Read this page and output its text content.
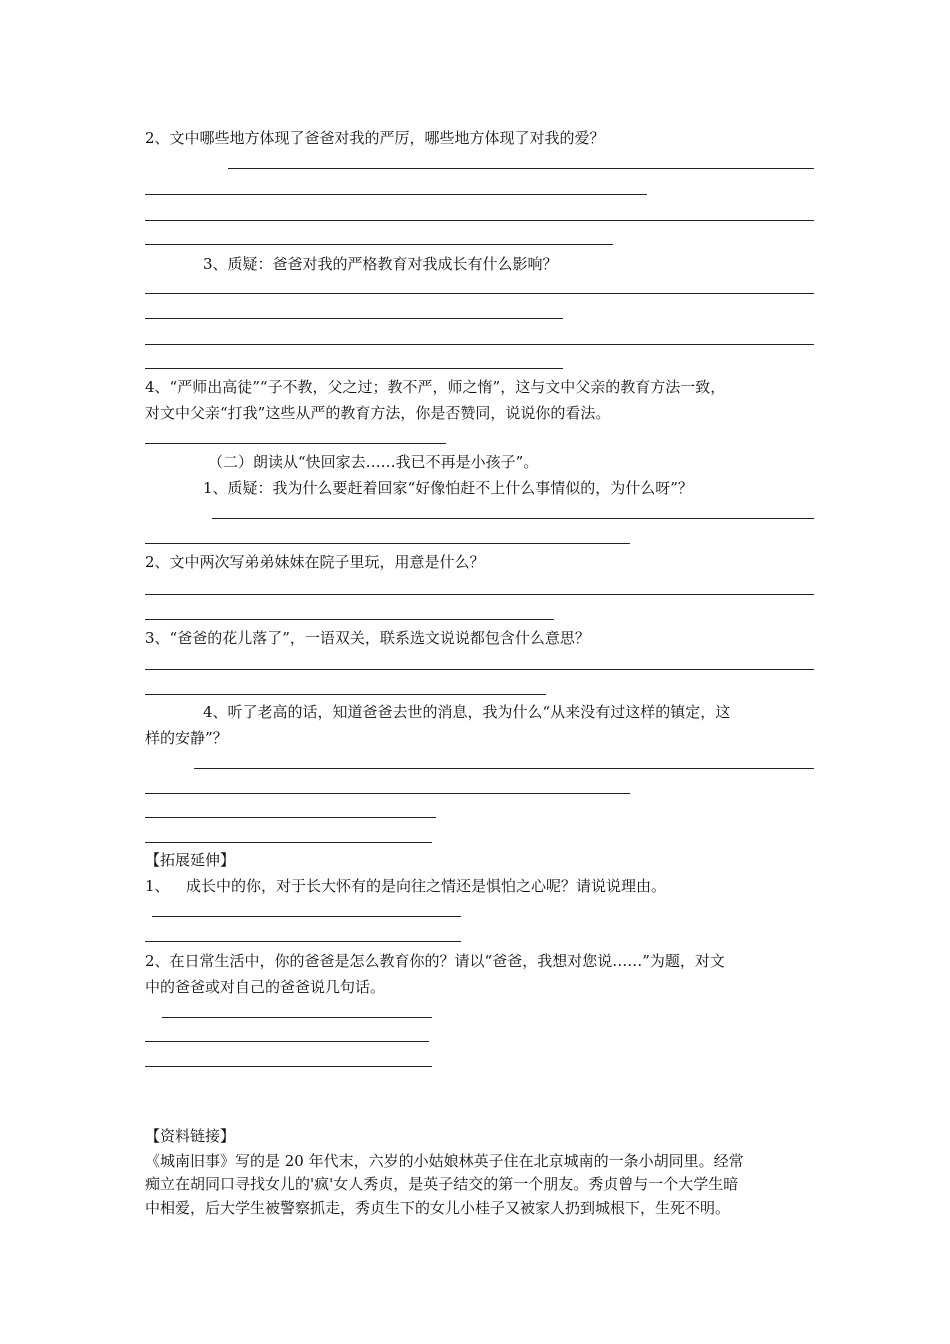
2、文中哪些地方体现了爸爸对我的严厉，哪些地方体现了对我的爱？
3、质疑：爸爸对我的严格教育对我成长有什么影响？
4、“严师出高徒”“子不教，父之过；教不严，师之惰”，这与文中父亲的教育方法一致，
对文中父亲“打我”这些从严的教育方法，你是否赞同，说说你的看法。
（二）朗读从“快回家去……我已不再是小孩子”。
1、质疑：我为什么要赶着回家“好像怕赶不上什么事情似的，为什么呀”？
2、文中两次写弟弟妹妹在院子里玩，用意是什么？
3、“爸爸的花儿落了”，一语双关，联系选文说说都包含什么意思？
4、听了老高的话，知道爸爸去世的消息，我为什么“从来没有过这样的镇定，这
样的安静”？
【拓展延伸】
1、 成长中的你，对于长大怀有的是向往之情还是惧怕之心呢？请说说理由。
2、在日常生活中，你的爸爸是怎么教育你的？请以“爸爸，我想对您说……”为题，对文
中的爸爸或对自己的爸爸说几句话。
【资料链接】
《城南旧事》写的是 20 年代末，六岁的小姑娘林英子住在北京城南的一条小胡同里。经常
痴立在胡同口寻找女儿的'疯'女人秀贞，是英子结交的第一个朋友。秀贞曾与一个大学生暗
中相爱，后大学生被警察抓走，秀贞生下的女儿小桂子又被家人扔到城根下，生死不明。
